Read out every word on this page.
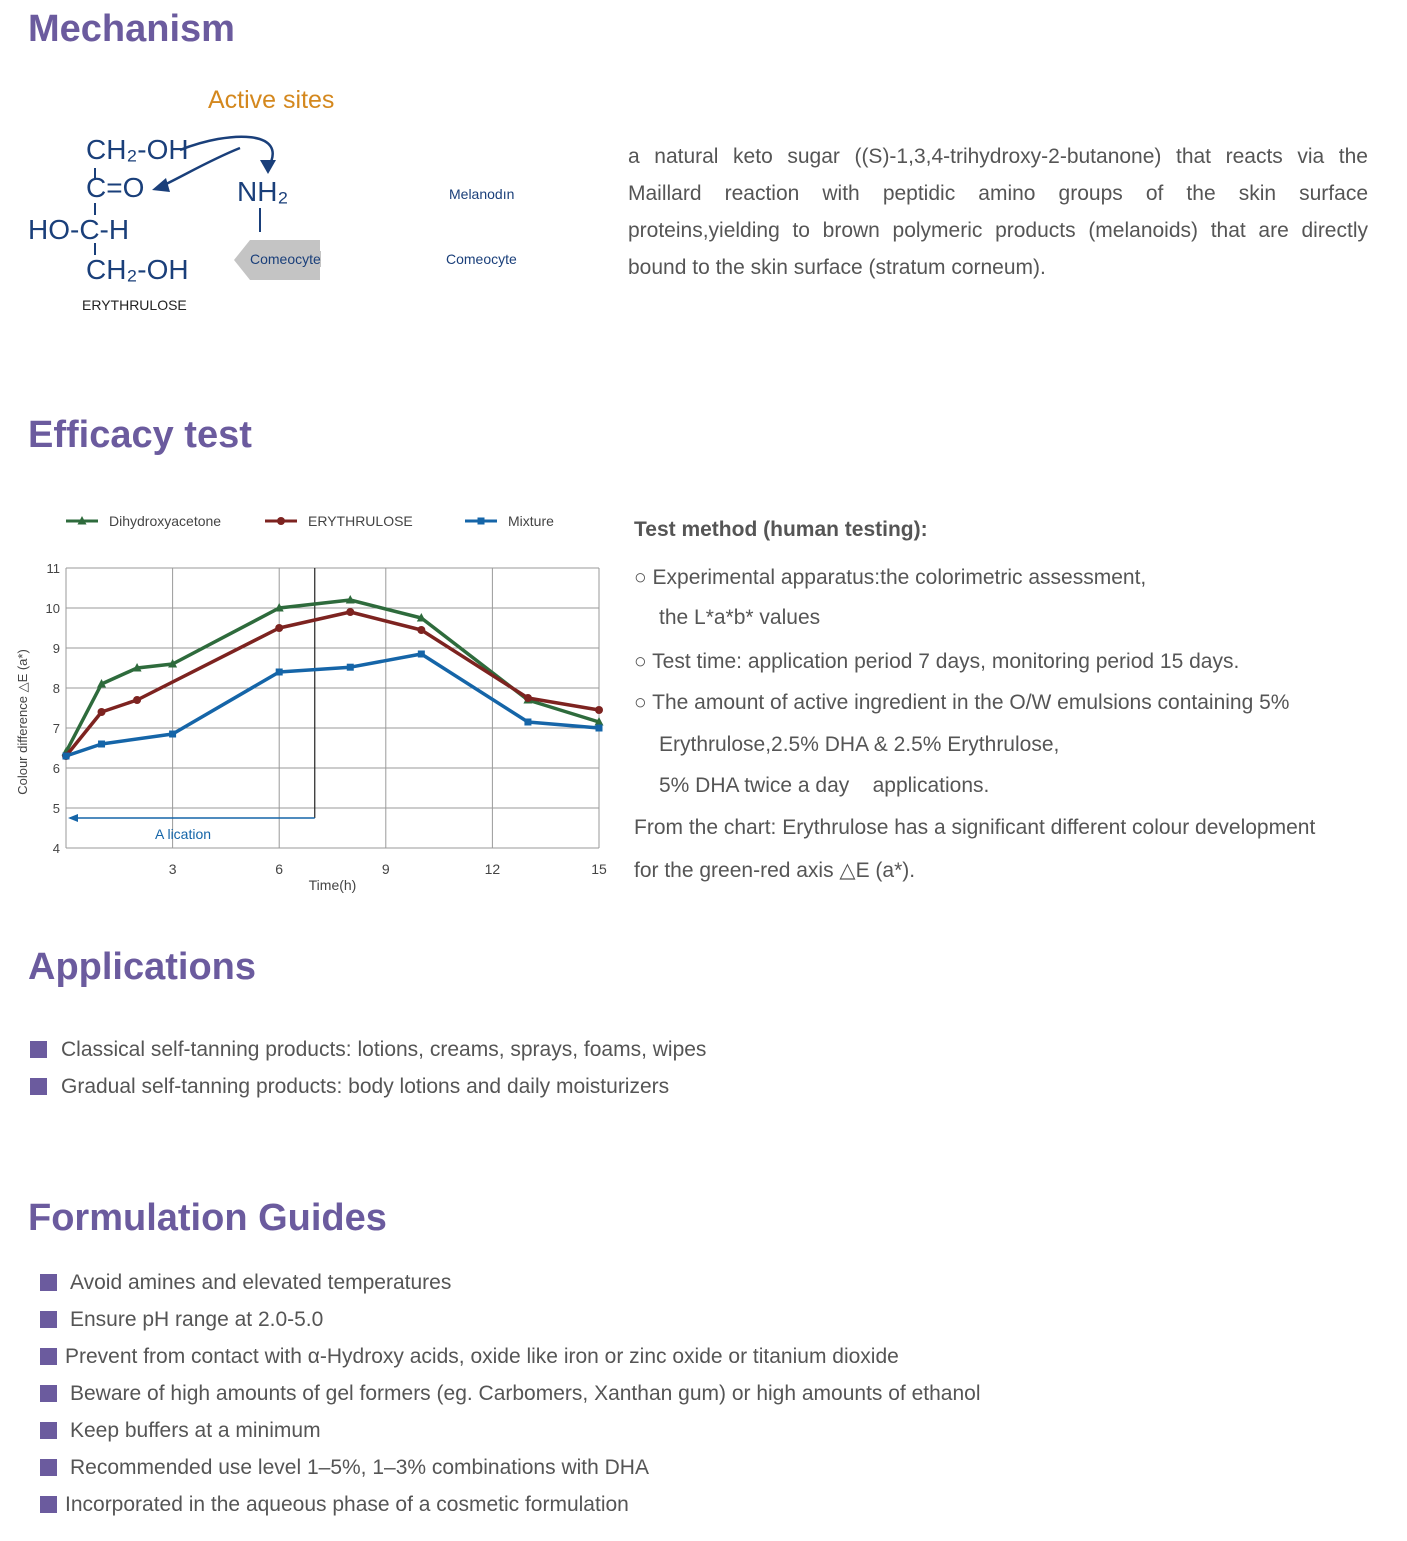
Mechanism
Active sites
CH₂-OH
C=O
HO-C-H
CH₂-OH
NH₂
ERYTHRULOSE
Comeocyte
Melanodın
Comeocyte
a natural keto sugar ((S)-1,3,4-trihydroxy-2-butanone) that reacts via the Maillard reaction with peptidic amino groups of the skin surface proteins,yielding to brown polymeric products (melanoids) that are directly bound to the skin surface (stratum corneum).
Efficacy test
4
5
6
7
8
9
10
11
3	6	9	12	15
A lication
Time(h)
Colour difference △E (a*)
Dihydroxyacetone	ERYTHRULOSE	Mixture	Test method (human testing):
○ Experimental apparatus:the colorimetric assessment,
the L*a*b* values
○ Test time: application period 7 days, monitoring period 15 days.
○ The amount of active ingredient in the O/W emulsions containing 5%
Erythrulose,2.5% DHA & 2.5% Erythrulose,
5% DHA twice a day    applications.
From the chart: Erythrulose has a significant different colour development
for the green-red axis △E (a*).
Applications
Classical self-tanning products: lotions, creams, sprays, foams, wipes
Gradual self-tanning products: body lotions and daily moisturizers
Formulation Guides
Avoid amines and elevated temperatures
Ensure pH range at 2.0-5.0
Prevent from contact with α-Hydroxy acids, oxide like iron or zinc oxide or titanium dioxide
Beware of high amounts of gel formers (eg. Carbomers, Xanthan gum) or high amounts of ethanol
Keep buffers at a minimum
Recommended use level 1–5%, 1–3% combinations with DHA
Incorporated in the aqueous phase of a cosmetic formulation
